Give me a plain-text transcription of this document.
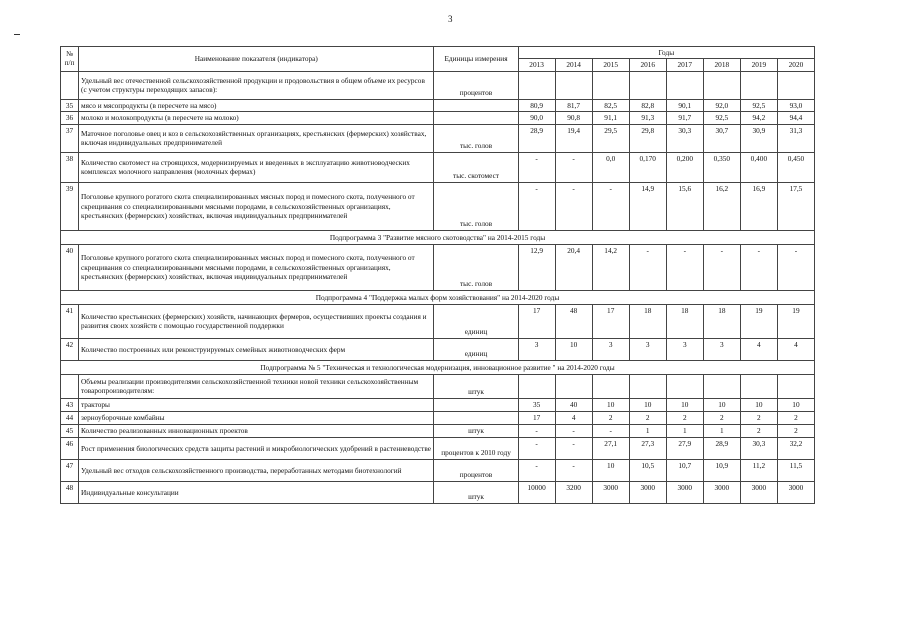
3
№
п/п	Наименование показателя (индикатора)	Единицы измерения	Годы							
			2013	2014	2015	2016	2017	2018	2019	2020
	Удельный вес отечественной сельскохозяйственной продукции и продовольствия в общем объеме их ресурсов (с учетом структуры переходящих запасов):	процентов								
35	мясо и мясопродукты (в пересчете на мясо)		80,9	81,7	82,5	82,8	90,1	92,0	92,5	93,0
36	молоко и молокопродукты (в пересчете на молоко)		90,0	90,8	91,1	91,3	91,7	92,5	94,2	94,4
37	Маточное поголовье овец и коз в сельскохозяйственных организациях, крестьянских (фермерских) хозяйствах, включая индивидуальных предпринимателей	тыс. голов	28,9	19,4	29,5	29,8	30,3	30,7	30,9	31,3
38	Количество скотомест на строящихся, модернизируемых и введенных в эксплуатацию животноводческих комплексах молочного направления (молочных фермах)	тыс. скотомест	-	-	0,0	0,170	0,200	0,350	0,400	0,450
39	Поголовье крупного рогатого скота специализированных мясных пород и помесного скота, полученного от скрещивания со специализированными мясными породами, в сельскохозяйственных организациях, крестьянских (фермерских) хозяйствах, включая индивидуальных предпринимателей	тыс. голов	-	-	-	14,9	15,6	16,2	16,9	17,5
Подпрограмма 3 "Развитие мясного скотоводства" на 2014-2015 годы										
40	Поголовье крупного рогатого скота специализированных мясных пород и помесного скота, полученного от скрещивания со специализированными мясными породами, в сельскохозяйственных организациях, крестьянских (фермерских) хозяйствах, включая индивидуальных предпринимателей	тыс. голов	12,9	20,4	14,2	-	-	-	-	-
Подпрограмма 4 "Поддержка малых форм хозяйствования" на 2014-2020 годы										
41	Количество крестьянских (фермерских) хозяйств, начинающих фермеров, осуществивших проекты создания и развития своих хозяйств с помощью государственной поддержки	единиц	17	48	17	18	18	18	19	19
42	Количество построенных или реконструируемых семейных животноводческих ферм	единиц	3	10	3	3	3	3	4	4
Подпрограмма № 5 "Техническая и технологическая модернизация, инновационное развитие " на 2014-2020 годы										
	Объемы реализации производителями сельскохозяйственной техники новой техники сельскохозяйственным товаропроизводителям:	штук								
43	тракторы		35	40	10	10	10	10	10	10
44	зерноуборочные комбайны		17	4	2	2	2	2	2	2
45	Количество реализованных инновационных проектов	штук	-	-	-	1	1	1	2	2
46	Рост применения биологических средств защиты растений и микробиологических удобрений в растениеводстве	процентов к 2010 году	-	-	27,1	27,3	27,9	28,9	30,3	32,2
47	Удельный вес отходов сельскохозяйственного производства, переработанных методами биотехнологий	процентов	-	-	10	10,5	10,7	10,9	11,2	11,5
48	Индивидуальные консультации	штук	10000	3200	3000	3000	3000	3000	3000	3000
